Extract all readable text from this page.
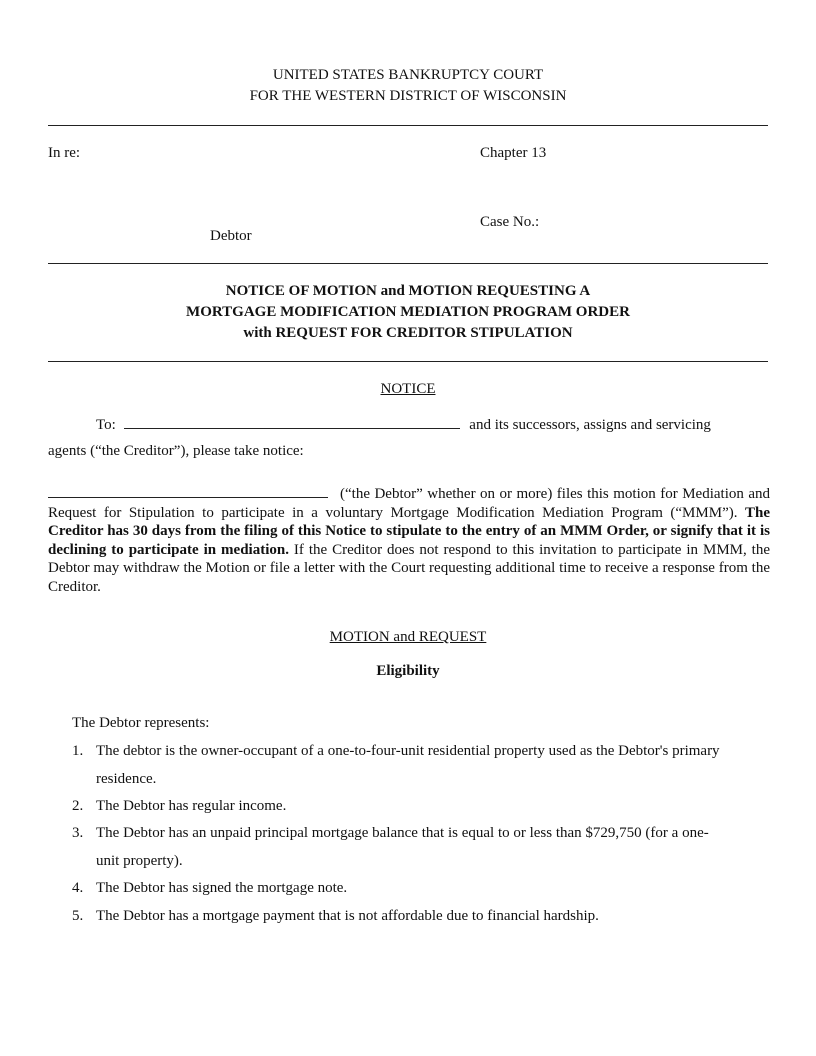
UNITED STATES BANKRUPTCY COURT
FOR THE WESTERN DISTRICT OF WISCONSIN
In re:	Chapter 13
Case No.:
Debtor
NOTICE OF MOTION and MOTION REQUESTING A
MORTGAGE MODIFICATION MEDIATION PROGRAM ORDER
with REQUEST FOR CREDITOR STIPULATION
NOTICE
To:	and its successors, assigns and servicing
agents (“the Creditor”), please take notice:
(“the Debtor” whether on or more) files this motion for Mediation and Request for Stipulation to participate in a voluntary Mortgage Modification Mediation Program (“MMM”). The Creditor has 30 days from the filing of this Notice to stipulate to the entry of an MMM Order, or signify that it is declining to participate in mediation. If the Creditor does not respond to this invitation to participate in MMM, the Debtor may withdraw the Motion or file a letter with the Court requesting additional time to receive a response from the Creditor.
MOTION and REQUEST
Eligibility
The Debtor represents:
1. The debtor is the owner-occupant of a one-to-four-unit residential property used as the Debtor's primary
residence.
2. The Debtor has regular income.
3. The Debtor has an unpaid principal mortgage balance that is equal to or less than $729,750 (for a one-
unit property).
4. The Debtor has signed the mortgage note.
5. The Debtor has a mortgage payment that is not affordable due to financial hardship.
